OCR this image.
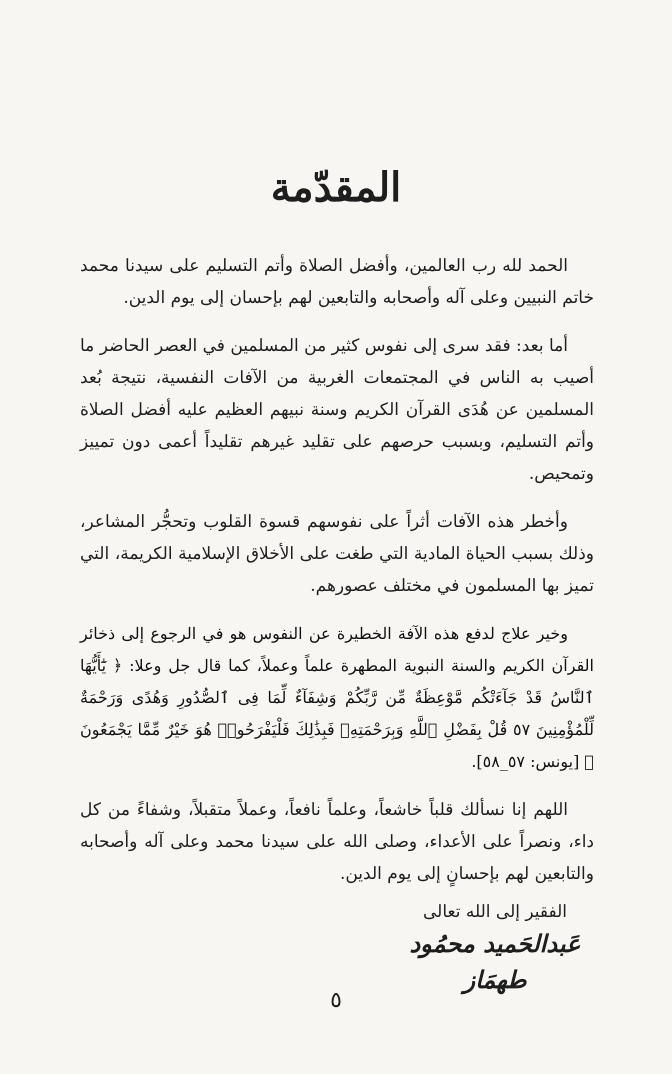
المقدّمة

الحمد لله رب العالمين، وأفضل الصلاة وأتم التسليم على سيدنا محمد خاتم النبيين وعلى آله وأصحابه والتابعين لهم بإحسان إلى يوم الدين.

أما بعد: فقد سرى إلى نفوس كثير من المسلمين في العصر الحاضر ما أصيب به الناس في المجتمعات الغربية من الآفات النفسية، نتيجة بُعد المسلمين عن هُدَى القرآن الكريم وسنة نبيهم العظيم عليه أفضل الصلاة وأتم التسليم، وبسبب حرصهم على تقليد غيرهم تقليداً أعمى دون تمييز وتمحيص.

وأخطر هذه الآفات أثراً على نفوسهم قسوة القلوب وتحجُّر المشاعر، وذلك بسبب الحياة المادية التي طغت على الأخلاق الإسلامية الكريمة، التي تميز بها المسلمون في مختلف عصورهم.

وخير علاج لدفع هذه الآفة الخطيرة عن النفوس هو في الرجوع إلى ذخائر القرآن الكريم والسنة النبوية المطهرة علماً وعملاً، كما قال جل وعلا: ﴿ يَٰٓأَيُّهَا ٱلنَّاسُ قَدْ جَآءَتْكُم مَّوْعِظَةٌ مِّن رَّبِّكُمْ وَشِفَآءٌ لِّمَا فِى ٱلصُّدُورِ وَهُدًى وَرَحْمَةٌ لِّلْمُؤْمِنِينَ ٥٧ قُلْ بِفَضْلِ ٱللَّهِ وَبِرَحْمَتِهِۦ فَبِذَٰلِكَ فَلْيَفْرَحُوا۟ هُوَ خَيْرٌ مِّمَّا يَجْمَعُونَ ﴾ [يونس: ٥٧_٥٨].

اللهم إنا نسألك قلباً خاشعاً، وعلماً نافعاً، وعملاً متقبلاً، وشفاءً من كل داء، ونصراً على الأعداء، وصلى الله على سيدنا محمد وعلى آله وأصحابه والتابعين لهم بإحسانٍ إلى يوم الدين.

الفقير إلى الله تعالى
عَبدالحَميد محمُود طهمَاز
٥
